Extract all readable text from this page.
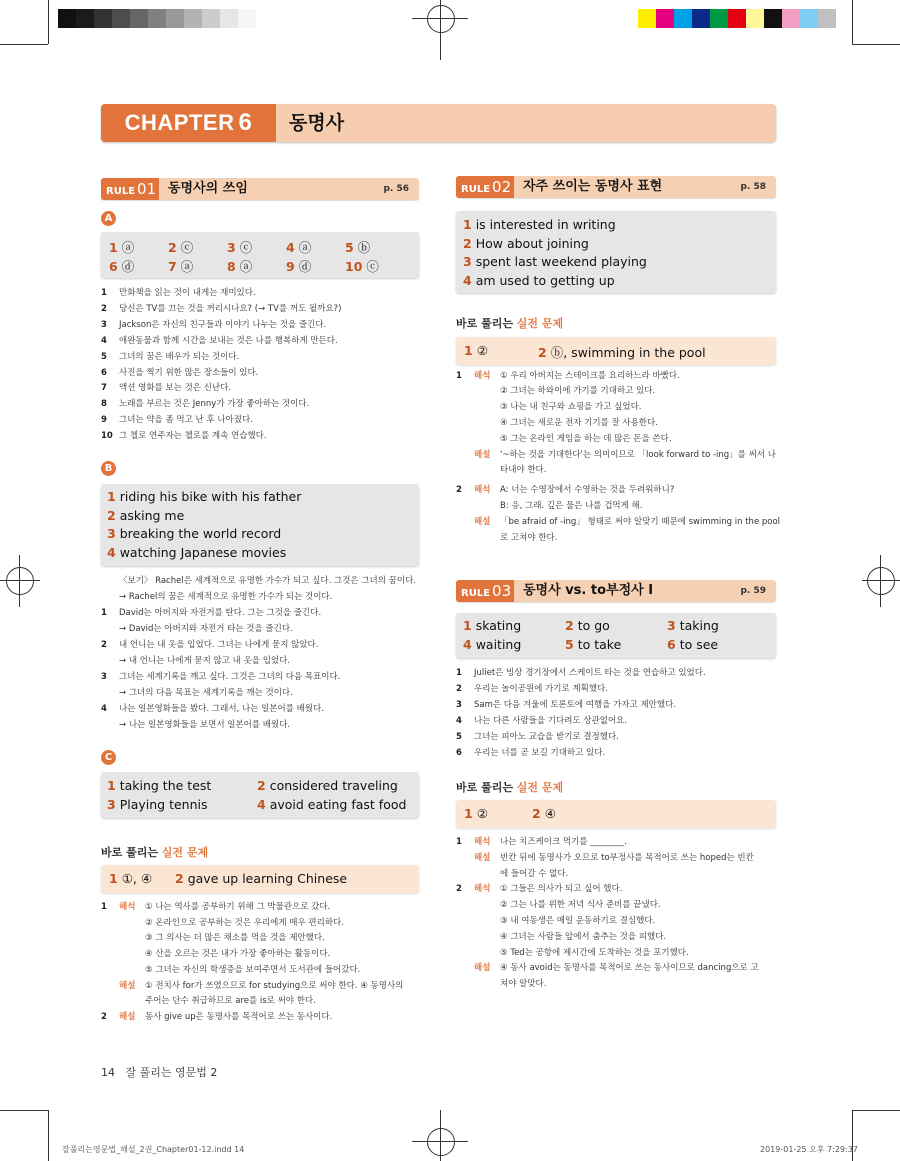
CHAPTER 6	동명사
RULE 01 동명사의 쓰임	p. 56
A
1 ⓐ	2 ⓒ	3 ⓒ	4 ⓐ	5 ⓑ
6 ⓓ	7 ⓐ	8 ⓐ	9 ⓓ	10 ⓒ
1 만화책을 읽는 것이 내게는 재미있다.
2 당신은 TV를 끄는 것을 꺼리시나요? (→ TV를 꺼도 될까요?)
3 Jackson은 자신의 친구들과 이야기 나누는 것을 즐긴다.
4 애완동물과 함께 시간을 보내는 것은 나를 행복하게 만든다.
5 그녀의 꿈은 배우가 되는 것이다.
6 사진을 찍기 위한 많은 장소들이 있다.
7 액션 영화를 보는 것은 신난다.
8 노래를 부르는 것은 Jenny가 가장 좋아하는 것이다.
9 그녀는 약을 좀 먹고 난 후 나아졌다.
10 그 첼로 연주자는 첼로를 계속 연습했다.
B
1 riding his bike with his father
2 asking me
3 breaking the world record
4 watching Japanese movies
〈보기〉 Rachel은 세계적으로 유명한 가수가 되고 싶다. 그것은 그녀의 꿈이다.
→ Rachel의 꿈은 세계적으로 유명한 가수가 되는 것이다.
1 David는 아버지와 자전거를 탄다. 그는 그것을 즐긴다.
→ David는 아버지와 자전거 타는 것을 즐긴다.
2 내 언니는 내 옷을 입었다. 그녀는 나에게 묻지 않았다.
→ 내 언니는 나에게 묻지 않고 내 옷을 입었다.
3 그녀는 세계기록을 깨고 싶다. 그것은 그녀의 다음 목표이다.
→ 그녀의 다음 목표는 세계기록을 깨는 것이다.
4 나는 일본영화들을 봤다. 그래서, 나는 일본어를 배웠다.
→ 나는 일본영화들을 보면서 일본어를 배웠다.
C
1 taking the test	2 considered traveling
3 Playing tennis	4 avoid eating fast food
바로 풀리는 실전 문제
1 ①, ④ 2 gave up learning Chinese
1 해석 ① 나는 역사를 공부하기 위해 그 박물관으로 갔다.
② 온라인으로 공부하는 것은 우리에게 매우 편리하다.
③ 그 의사는 더 많은 채소를 먹을 것을 제안했다.
④ 산을 오르는 것은 내가 가장 좋아하는 활동이다.
⑤ 그녀는 자신의 학생증을 보여주면서 도서관에 들어갔다.
해설 ① 전치사 for가 쓰였으므로 for studying으로 써야 한다. ④ 동명사의
주어는 단수 취급하므로 are를 is로 써야 한다.
2 해설 동사 give up은 동명사를 목적어로 쓰는 동사이다.
RULE 02 자주 쓰이는 동명사 표현	p. 58
1 is interested in writing
2 How about joining
3 spent last weekend playing
4 am used to getting up
바로 풀리는 실전 문제
1 ②	2 ⓑ, swimming in the pool
1 해석 ① 우리 아버지는 스테이크를 요리하느라 바빴다.
② 그녀는 하와이에 가기를 기대하고 있다.
③ 나는 내 친구와 쇼핑을 가고 싶었다.
④ 그녀는 새로운 전자 기기를 잘 사용한다.
⑤ 그는 온라인 게임을 하는 데 많은 돈을 쓴다.
해설 '~하는 것을 기대한다'는 의미이므로 「look forward to -ing」를 써서 나
타내야 한다.
2 해석 A: 너는 수영장에서 수영하는 것을 두려워하니?
B: 응, 그래. 깊은 물은 나를 겁먹게 해.
해설 「be afraid of -ing」 형태로 써야 알맞기 때문에 swimming in the pool
로 고쳐야 한다.
RULE 03 동명사 vs. to부정사 Ⅰ	p. 59
1 skating	2 to go	3 taking
4 waiting	5 to take	6 to see
1 Juliet은 빙상 경기장에서 스케이트 타는 것을 연습하고 있었다.
2 우리는 놀이공원에 가기로 계획했다.
3 Sam은 다음 겨울에 토론토에 여행을 가자고 제안했다.
4 나는 다른 사람들을 기다려도 상관없어요.
5 그녀는 피아노 교습을 받기로 결정했다.
6 우리는 너를 곧 보길 기대하고 있다.
바로 풀리는 실전 문제
1 ②	2 ④
1 해석 나는 치즈케이크 먹기를 ________.
해설 빈칸 뒤에 동명사가 오므로 to부정사를 목적어로 쓰는 hoped는 빈칸
에 들어갈 수 없다.
2 해석 ① 그들은 의사가 되고 싶어 했다.
② 그는 나를 위한 저녁 식사 준비를 끝냈다.
③ 내 여동생은 매일 운동하기로 결심했다.
④ 그녀는 사람들 앞에서 춤추는 것을 피했다.
⑤ Ted는 공항에 제시간에 도착하는 것을 포기했다.
해설 ④ 동사 avoid는 동명사를 목적어로 쓰는 동사이므로 dancing으로 고
쳐야 알맞다.
14 잘 풀리는 영문법 2
잘풀리는영문법_해설_2권_Chapter01-12.indd 14	2019-01-25 오후 7:29:37
